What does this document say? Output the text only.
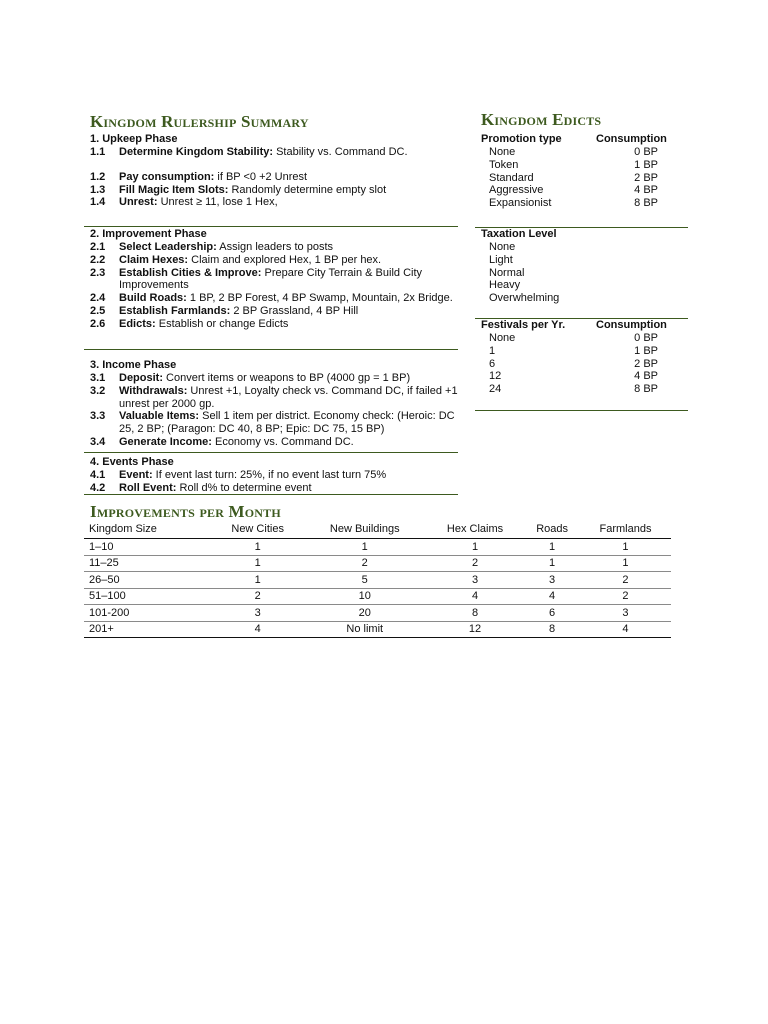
Kingdom Rulership Summary
1. Upkeep Phase
1.1	Determine Kingdom Stability: Stability vs. Command DC.
1.2	Pay consumption: if BP <0 +2 Unrest
1.3	Fill Magic Item Slots: Randomly determine empty slot
1.4	Unrest: Unrest ≥ 11, lose 1 Hex,
2. Improvement Phase
2.1	Select Leadership: Assign leaders to posts
2.2	Claim Hexes: Claim and explored Hex, 1 BP per hex.
2.3	Establish Cities & Improve: Prepare City Terrain & Build City Improvements
2.4	Build Roads: 1 BP, 2 BP Forest, 4 BP Swamp, Mountain, 2x Bridge.
2.5	Establish Farmlands: 2 BP Grassland, 4 BP Hill
2.6	Edicts: Establish or change Edicts
3. Income Phase
3.1	Deposit: Convert items or weapons to BP (4000 gp = 1 BP)
3.2	Withdrawals: Unrest +1, Loyalty check vs. Command DC, if failed +1 unrest per 2000 gp.
3.3	Valuable Items: Sell 1 item per district. Economy check: (Heroic: DC 25, 2 BP; (Paragon: DC 40, 8 BP; Epic: DC 75, 15 BP)
3.4	Generate Income: Economy vs. Command DC.
4. Events Phase
4.1	Event: If event last turn: 25%, if no event last turn 75%
4.2	Roll Event: Roll d% to determine event
Kingdom Edicts
Promotion type	Consumption
None	0 BP
Token	1 BP
Standard	2 BP
Aggressive	4 BP
Expansionist	8 BP
Taxation Level
None
Light
Normal
Heavy
Overwhelming
Festivals per Yr.	Consumption
None	0 BP
1	1 BP
6	2 BP
12	4 BP
24	8 BP
Improvements per Month
Kingdom Size	New Cities	New Buildings	Hex Claims	Roads	Farmlands
1–10	1	1	1	1	1
11–25	1	2	2	1	1
26–50	1	5	3	3	2
51–100	2	10	4	4	2
101-200	3	20	8	6	3
201+	4	No limit	12	8	4
